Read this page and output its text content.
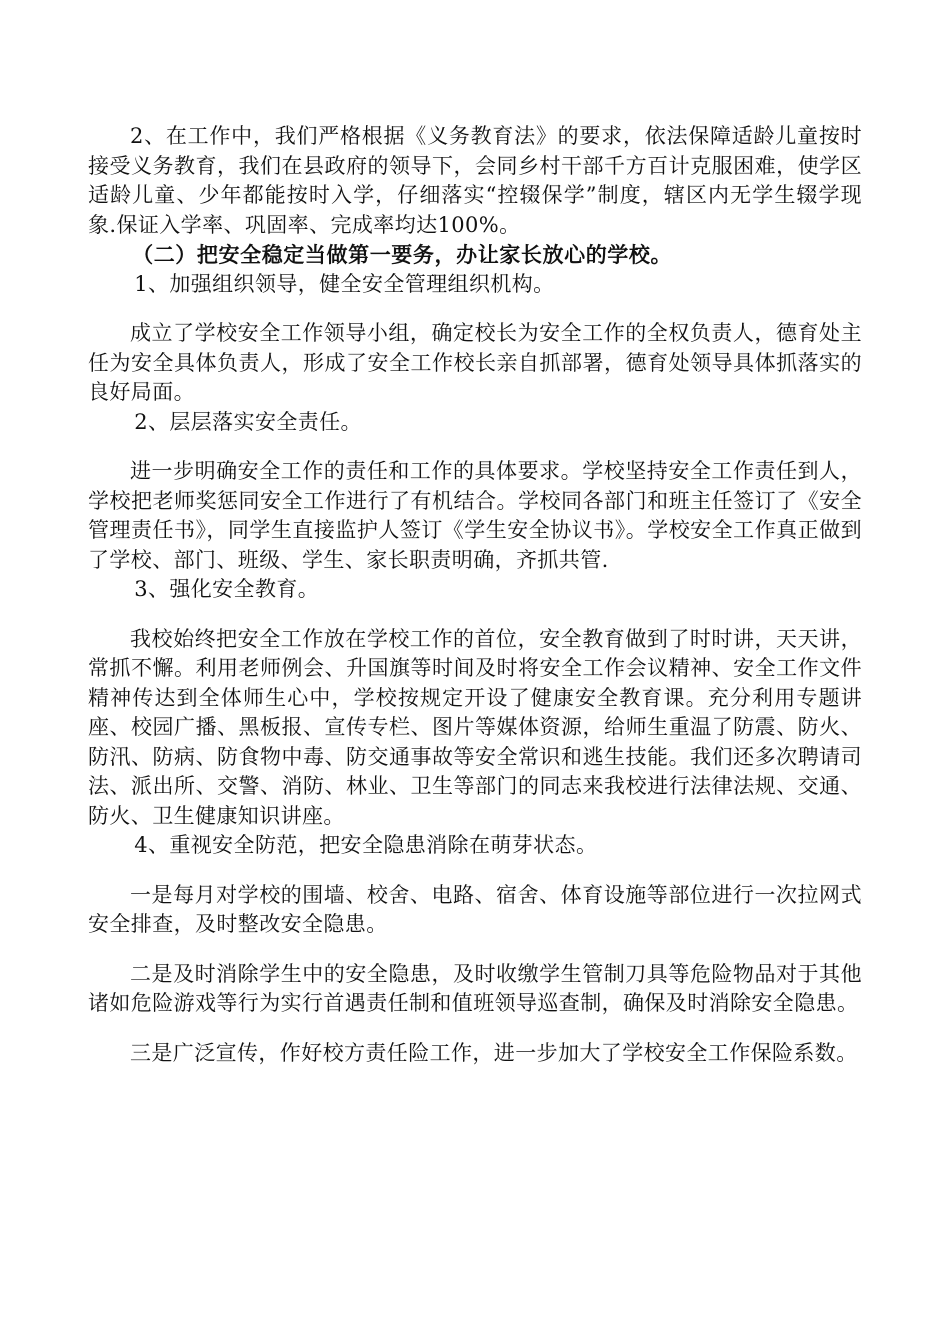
2、在工作中，我们严格根据《义务教育法》的要求，依法保障适龄儿童按时接受义务教育，我们在县政府的领导下，会同乡村干部千方百计克服困难，使学区适龄儿童、少年都能按时入学，仔细落实“控辍保学”制度，辖区内无学生辍学现象.保证入学率、巩固率、完成率均达100%。

（二）把安全稳定当做第一要务，办让家长放心的学校。

1、加强组织领导，健全安全管理组织机构。

成立了学校安全工作领导小组，确定校长为安全工作的全权负责人，德育处主任为安全具体负责人，形成了安全工作校长亲自抓部署，德育处领导具体抓落实的良好局面。

2、层层落实安全责任。

进一步明确安全工作的责任和工作的具体要求。学校坚持安全工作责任到人，学校把老师奖惩同安全工作进行了有机结合。学校同各部门和班主任签订了《安全管理责任书》，同学生直接监护人签订《学生安全协议书》。学校安全工作真正做到了学校、部门、班级、学生、家长职责明确，齐抓共管.

3、强化安全教育。

我校始终把安全工作放在学校工作的首位，安全教育做到了时时讲，天天讲，常抓不懈。利用老师例会、升国旗等时间及时将安全工作会议精神、安全工作文件精神传达到全体师生心中，学校按规定开设了健康安全教育课。充分利用专题讲座、校园广播、黑板报、宣传专栏、图片等媒体资源，给师生重温了防震、防火、防汛、防病、防食物中毒、防交通事故等安全常识和逃生技能。我们还多次聘请司法、派出所、交警、消防、林业、卫生等部门的同志来我校进行法律法规、交通、防火、卫生健康知识讲座。

4、重视安全防范，把安全隐患消除在萌芽状态。

一是每月对学校的围墙、校舍、电路、宿舍、体育设施等部位进行一次拉网式安全排查，及时整改安全隐患。

二是及时消除学生中的安全隐患，及时收缴学生管制刀具等危险物品对于其他诸如危险游戏等行为实行首遇责任制和值班领导巡查制，确保及时消除安全隐患。

三是广泛宣传，作好校方责任险工作，进一步加大了学校安全工作保险系数。
